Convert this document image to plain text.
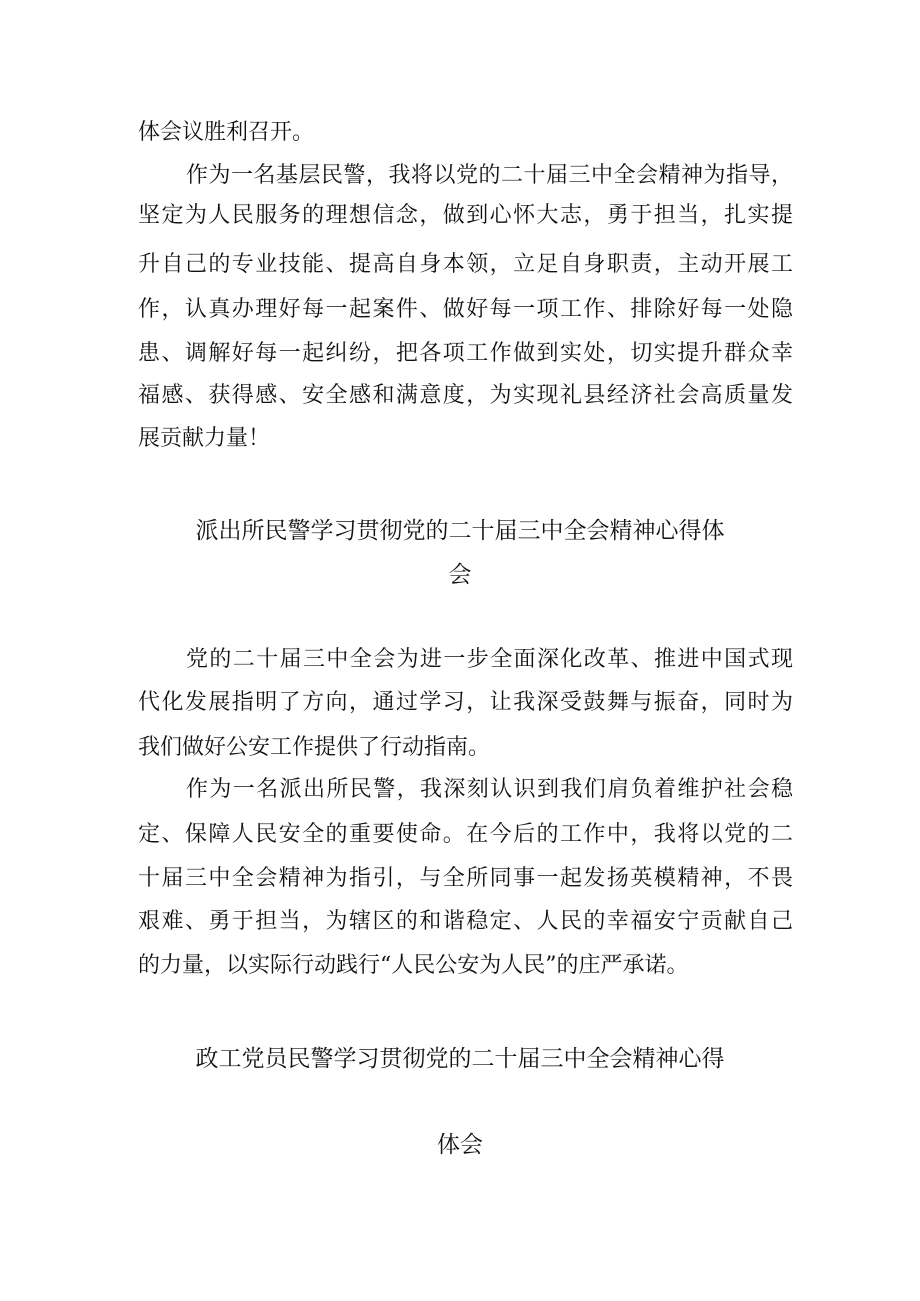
体会议胜利召开。
作为一名基层民警，我将以党的二十届三中全会精神为指导，
坚定为人民服务的理想信念，做到心怀大志，勇于担当，扎实提
升自己的专业技能、提高自身本领，立足自身职责，主动开展工
作，认真办理好每一起案件、做好每一项工作、排除好每一处隐
患、调解好每一起纠纷，把各项工作做到实处，切实提升群众幸
福感、获得感、安全感和满意度，为实现礼县经济社会高质量发
展贡献力量！
派出所民警学习贯彻党的二十届三中全会精神心得体
会
党的二十届三中全会为进一步全面深化改革、推进中国式现
代化发展指明了方向，通过学习，让我深受鼓舞与振奋，同时为
我们做好公安工作提供了行动指南。
作为一名派出所民警，我深刻认识到我们肩负着维护社会稳
定、保障人民安全的重要使命。在今后的工作中，我将以党的二
十届三中全会精神为指引，与全所同事一起发扬英模精神，不畏
艰难、勇于担当，为辖区的和谐稳定、人民的幸福安宁贡献自己
的力量，以实际行动践行“人民公安为人民”的庄严承诺。
政工党员民警学习贯彻党的二十届三中全会精神心得
体会
